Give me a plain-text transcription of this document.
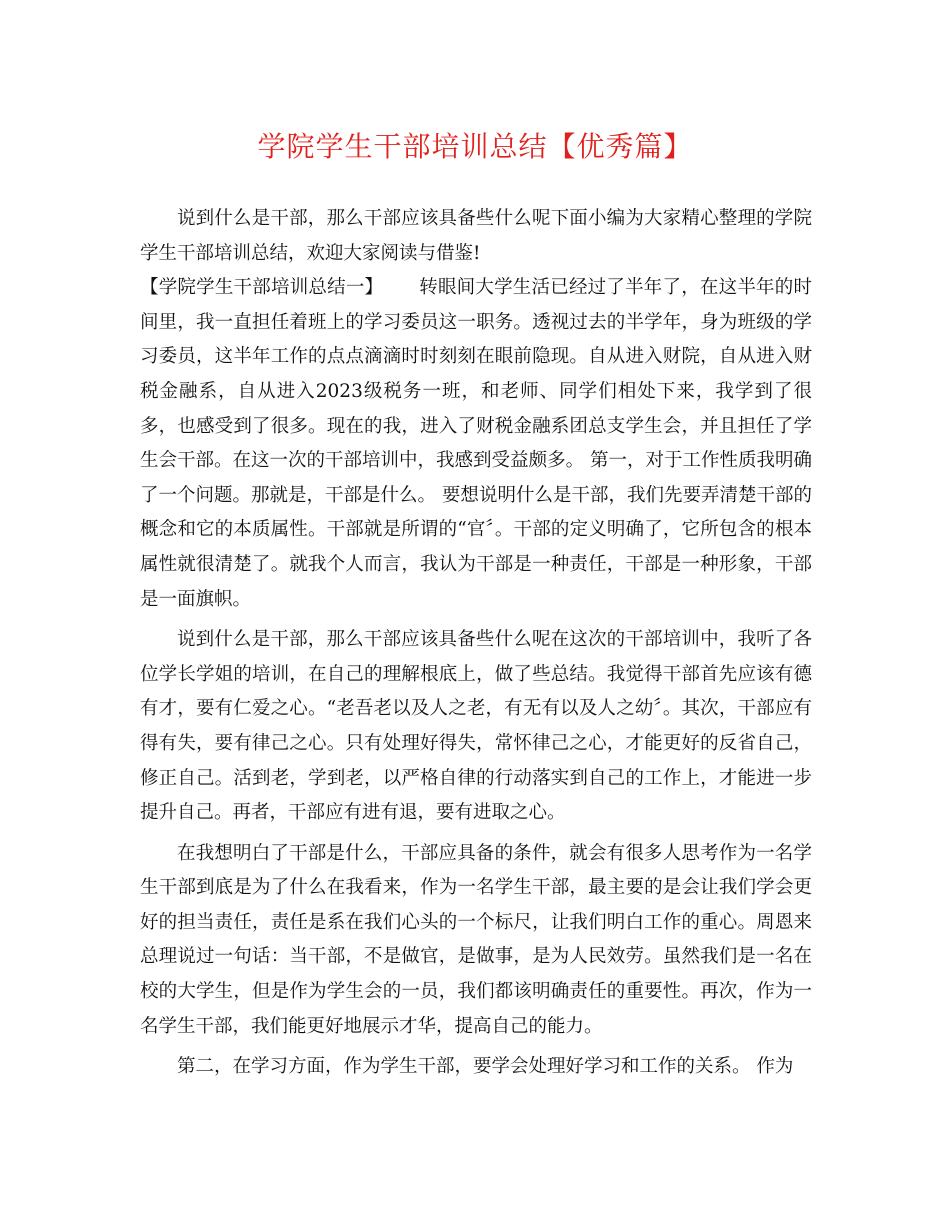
学院学生干部培训总结【优秀篇】

说到什么是干部，那么干部应该具备些什么呢下面小编为大家精心整理的学院学生干部培训总结，欢迎大家阅读与借鉴!

【学院学生干部培训总结一】 转眼间大学生活已经过了半年了，在这半年的时间里，我一直担任着班上的学习委员这一职务。透视过去的半学年，身为班级的学习委员，这半年工作的点点滴滴时时刻刻在眼前隐现。自从进入财院，自从进入财税金融系，自从进入2023级税务一班，和老师、同学们相处下来，我学到了很多，也感受到了很多。现在的我，进入了财税金融系团总支学生会，并且担任了学生会干部。在这一次的干部培训中，我感到受益颇多。 第一，对于工作性质我明确了一个问题。那就是，干部是什么。 要想说明什么是干部，我们先要弄清楚干部的概念和它的本质属性。干部就是所谓的“官〞。干部的定义明确了，它所包含的根本属性就很清楚了。就我个人而言，我认为干部是一种责任，干部是一种形象，干部是一面旗帜。

说到什么是干部，那么干部应该具备些什么呢在这次的干部培训中，我听了各位学长学姐的培训，在自己的理解根底上，做了些总结。我觉得干部首先应该有德有才，要有仁爱之心。“老吾老以及人之老，有无有以及人之幼〞。其次，干部应有得有失，要有律己之心。只有处理好得失，常怀律己之心，才能更好的反省自己，修正自己。活到老，学到老，以严格自律的行动落实到自己的工作上，才能进一步提升自己。再者，干部应有进有退，要有进取之心。

在我想明白了干部是什么，干部应具备的条件，就会有很多人思考作为一名学生干部到底是为了什么在我看来，作为一名学生干部，最主要的是会让我们学会更好的担当责任，责任是系在我们心头的一个标尺，让我们明白工作的重心。周恩来总理说过一句话：当干部，不是做官，是做事，是为人民效劳。虽然我们是一名在校的大学生，但是作为学生会的一员，我们都该明确责任的重要性。再次，作为一名学生干部，我们能更好地展示才华，提高自己的能力。

第二，在学习方面，作为学生干部，要学会处理好学习和工作的关系。 作为
